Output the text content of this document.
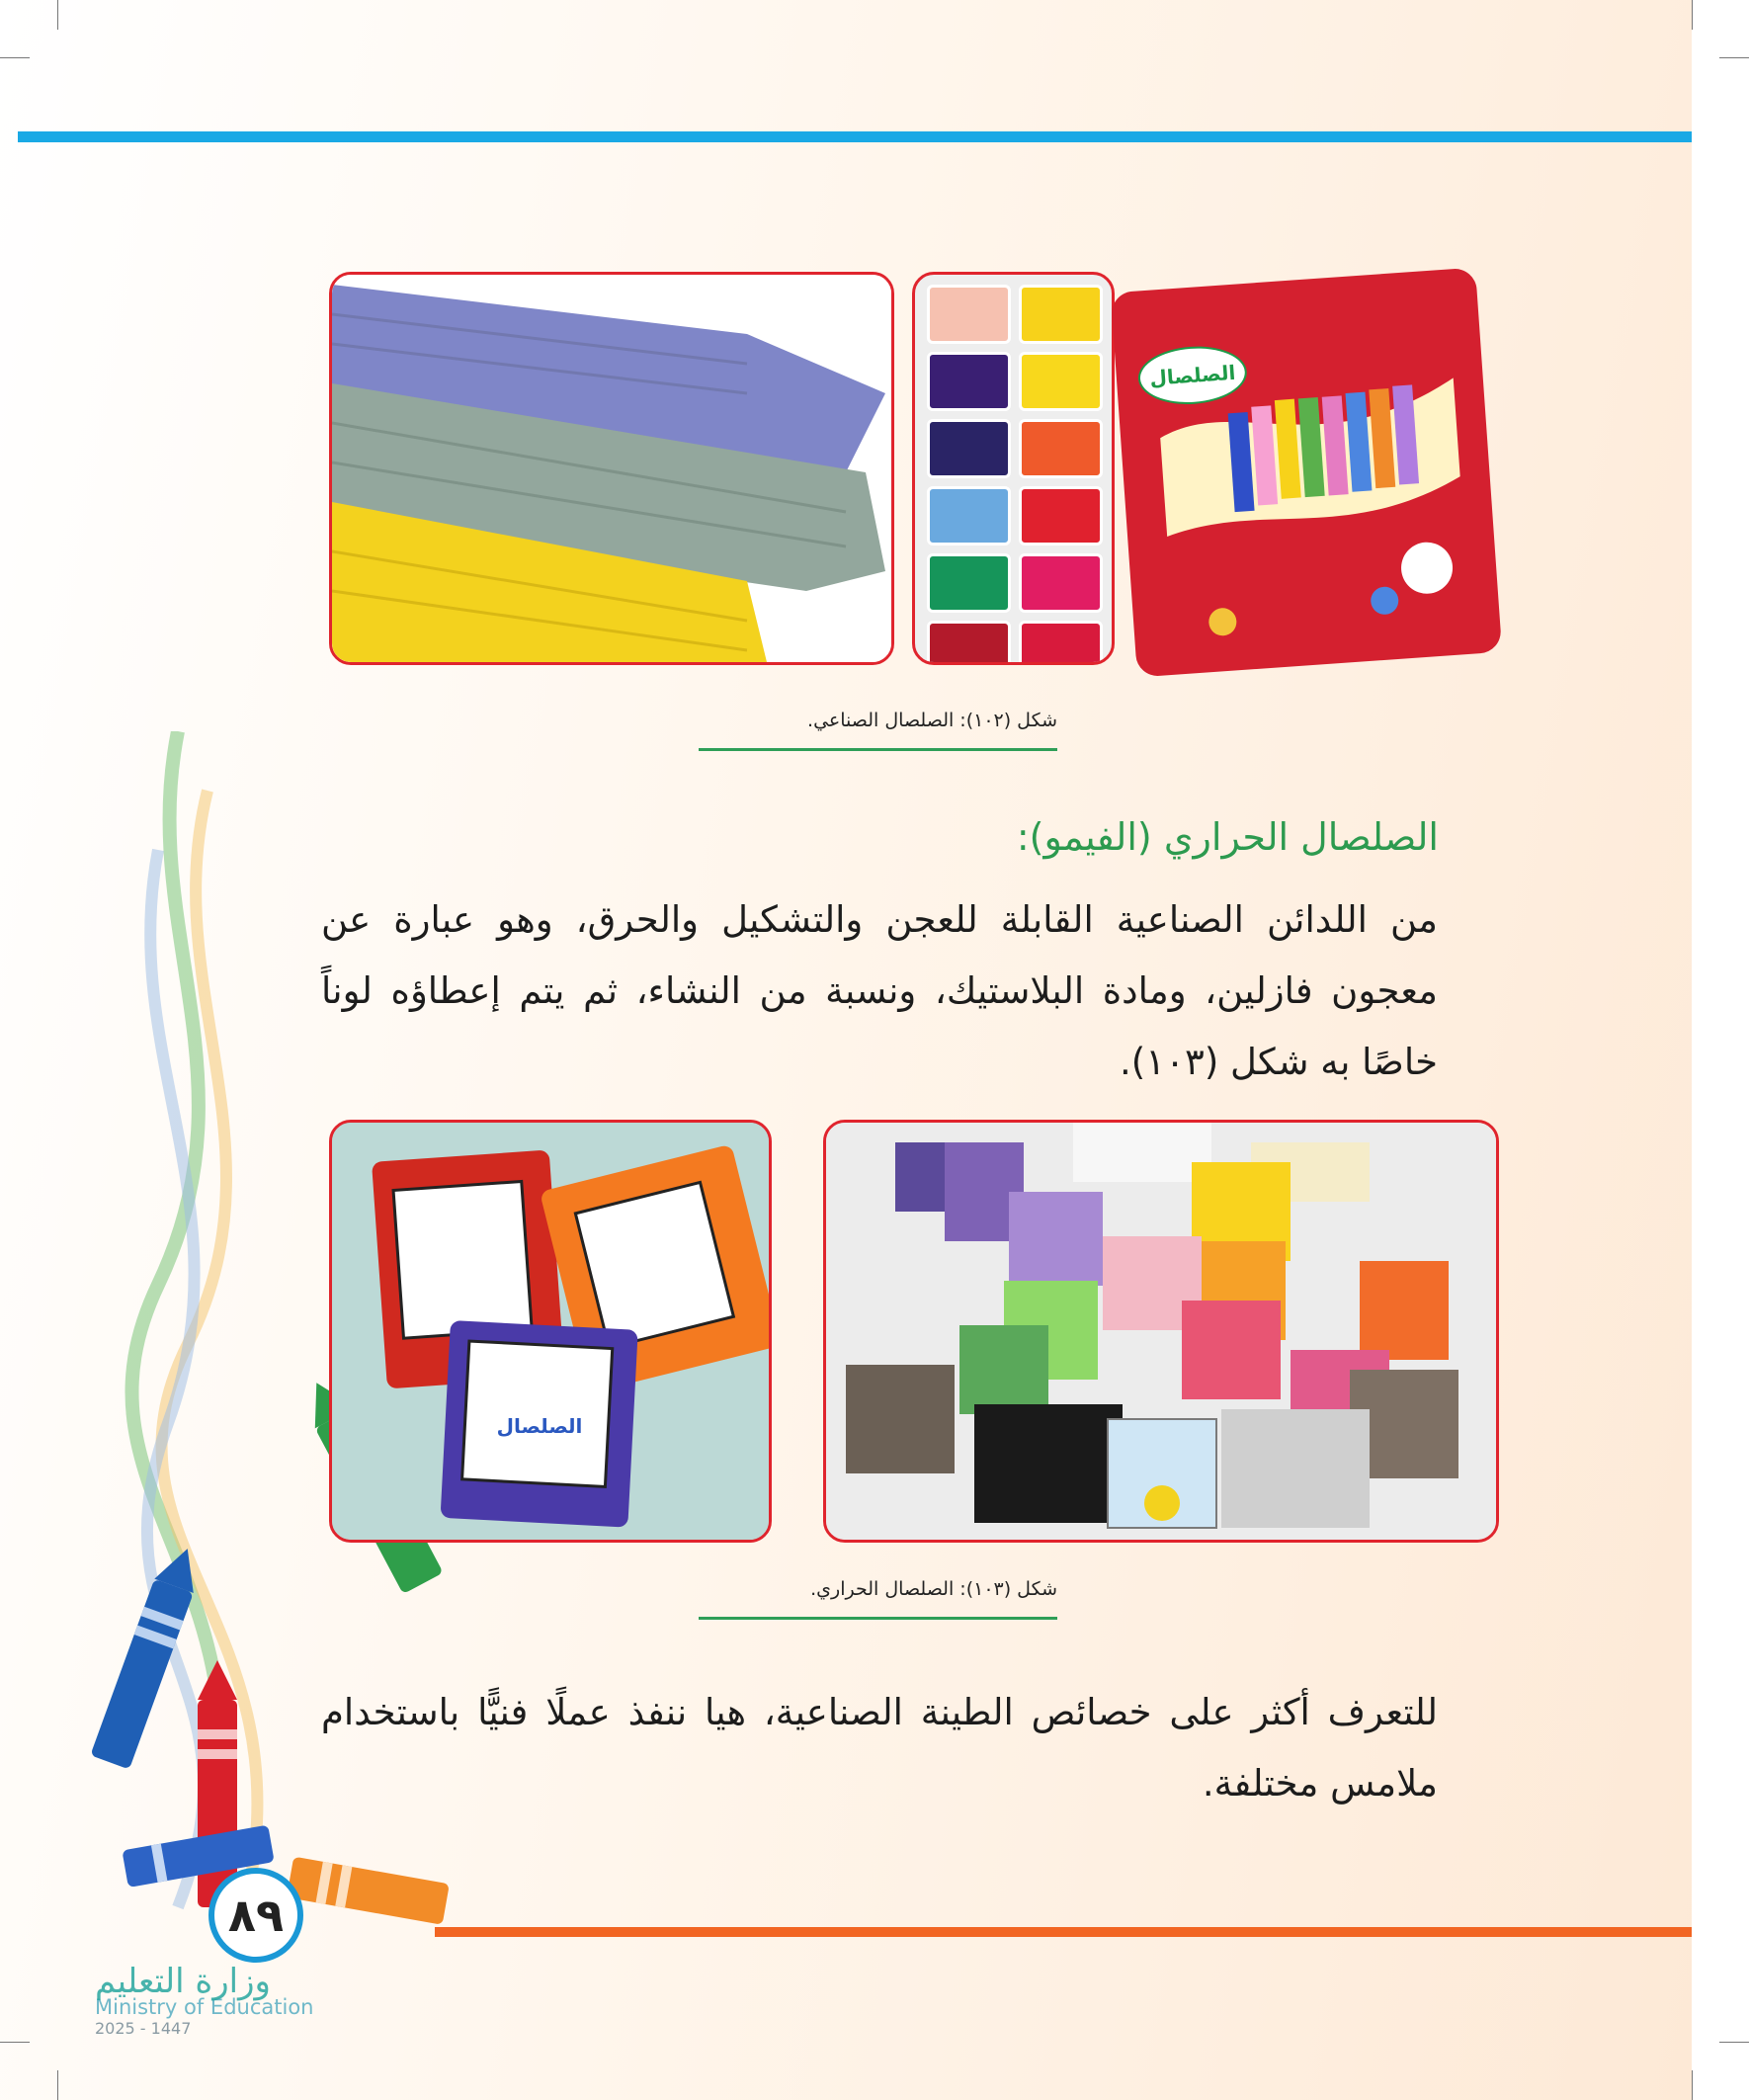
الصلصال
شكل (١٠٢): الصلصال الصناعي.
الصلصال الحراري (الفيمو):
من اللدائن الصناعية القابلة للعجن والتشكيل والحرق، وهو عبارة عن معجون فازلين، ومادة البلاستيك، ونسبة من النشاء، ثم يتم إعطاؤه لوناً خاصًا به شكل (١٠٣).
الصلصال
شكل (١٠٣): الصلصال الحراري.
للتعرف أكثر على خصائص الطينة الصناعية، هيا ننفذ عملًا فنيًّا باستخدام ملامس مختلفة.
٨٩
وزارة التعليم
Ministry of Education
2025 - 1447
